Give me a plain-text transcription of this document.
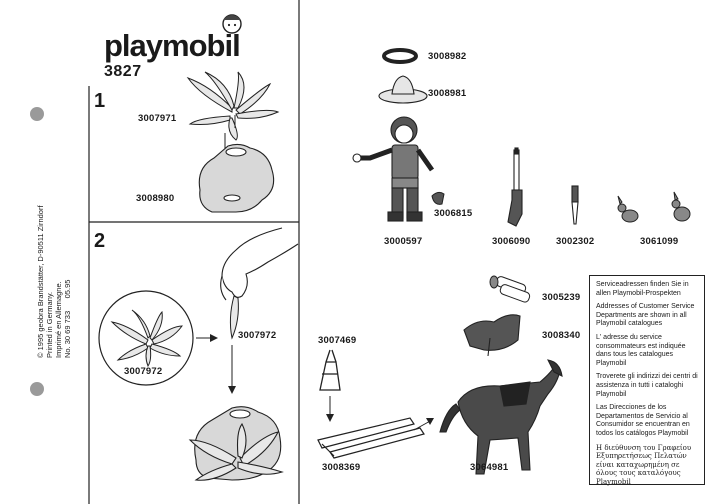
playmobil
3827
1
2
3007971
3008980
3007972
3007972
3008982
3008981
3006815
3000597	3006090	3002302	3061099
3005239
3008340
3007469
3008369	3064981
© 1995 geobra Brandstätter, D-90511 Zirndorf Printed in Germany. Imprimé en Allemagne. No. 30 69 733      05.95	Serviceadressen finden Sie in allen Playmobil-Prospekten

Addresses of Customer Service Departments are shown in all Playmobil catalogues

L' adresse du service consommateurs est indiquée dans tous les catalogues Playmobil

Troverete gli indirizzi dei centri di assistenza in tutti i cataloghi Playmobil

Las Direcciones de los Departamentos de Servicio al Consumidor se encuentran en todos los catálogos Playmobil

Η διεύθυνση του Γραφείου Εξυπηρετήσεως Πελατών είναι καταχωρημένη σε όλους τους καταλόγους Playmobil
